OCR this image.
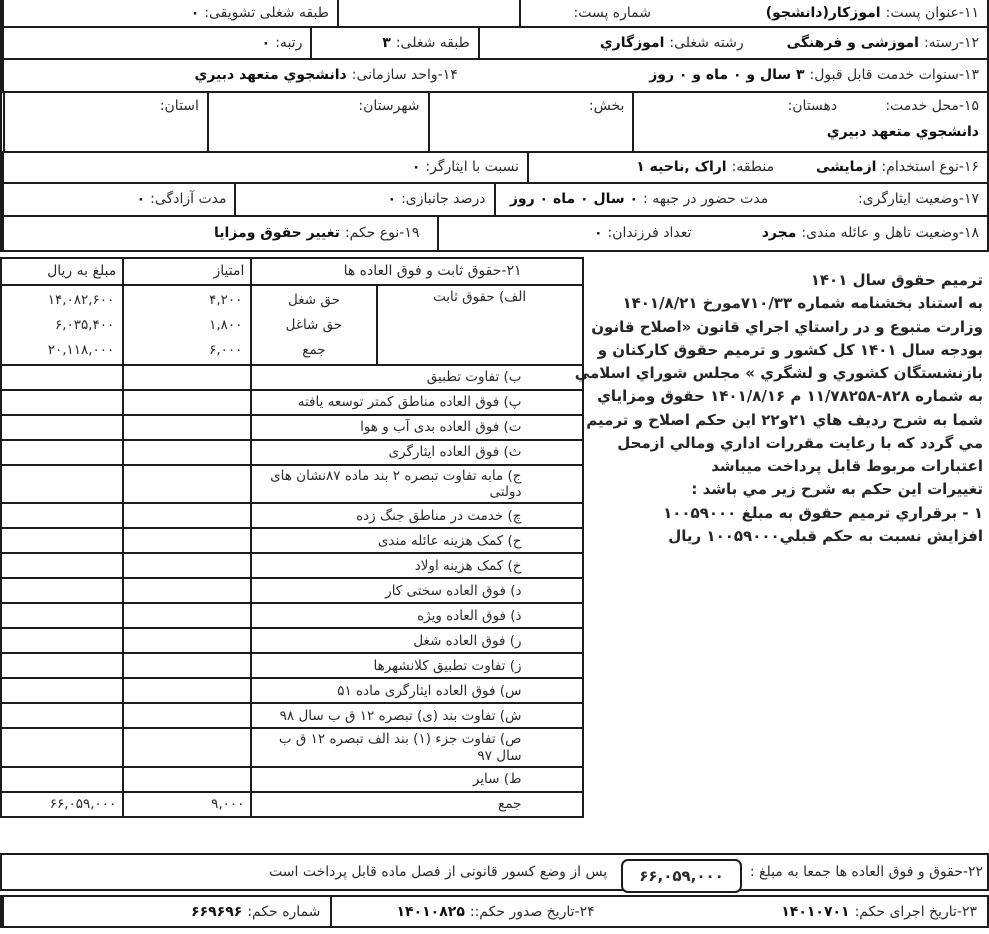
۱۱-عنوان پست:اموزکار(دانشجو)
شماره پست:
طبقه شغلی تشویقی:۰
۱۲-رسته:اموزشی و فرهنگی
رشته شغلی:اموزگاري
طبقه شغلی:۳
رتبه:۰
۱۳-سنوات خدمت قابل قبول:۳ سال و ۰ ماه و ۰ روز
۱۴-واحد سازمانی:دانشجوي متعهد دبيري
۱۵-محل خدمت:
دانشجوي متعهد دبيري
دهستان:
بخش:
شهرستان:
استان:
۱۶-نوع استخدام:ازمایشی
منطقه:اراک ,ناحیه ۱
نسبت با ایثارگر:۰
۱۷-وضعیت ایثارگری:
مدت حضور در جبهه :۰ سال ۰ ماه ۰ روز
درصد جانبازی:۰
مدت آزادگی:۰
۱۸-وضعیت تاهل و عائله مندی:مجرد
تعداد فرزندان:۰
۱۹-نوع حکم:تغییر حقوق ومزایا
ترمیم حقوق سال ۱۴۰۱
به استناد بخشنامه شماره ۷۱۰/۳۳مورخ ۱۴۰۱/۸/۲۱
وزارت متبوع و در راستاي اجراي قانون «اصلاح قانون
بودجه سال ۱۴۰۱ کل کشور و ترمیم حقوق کارکنان و
بازنشستگان کشوري و لشگري » مجلس شوراي اسلامي
به شماره ۸۲۸-۱۱/۷۸۲۵۸ م ۱۴۰۱/۸/۱۶ حقوق ومزایاي
شما به شرح ردیف هاي ۲۱و۲۲ این حکم اصلاح و ترمیم
مي گردد که با رعایت مقررات اداري ومالي ازمحل
اعتبارات مربوط قابل پرداخت میباشد
تغییرات این حکم به شرح زیر مي باشد :
۱ - برقراري ترمیم حقوق به مبلغ ۱۰۰۵۹۰۰۰
افزایش نسبت به حکم قبلي۱۰۰۵۹۰۰۰ ریال
۲۱-حقوق ثابت و فوق العاده ها
امتیاز
مبلغ به ریال
الف) حقوق ثابت
حق شغل
حق شاغل
جمع
۴,۲۰۰
۱,۸۰۰
۶,۰۰۰
۱۴,۰۸۲,۶۰۰
۶,۰۳۵,۴۰۰
۲۰,۱۱۸,۰۰۰
ب) تفاوت تطبیق
پ) فوق العاده مناطق کمتر توسعه یافته
ت) فوق العاده بدی آب و هوا
ث) فوق العاده ایثارگری
ج) مابه تفاوت تبصره ۲ بند ماده ۸۷نشان های دولتی
چ) خدمت در مناطق جنگ زده
ح) کمک هزینه عائله مندی
خ) کمک هزینه اولاد
د) فوق العاده سختی کار
ذ) فوق العاده ویژه
ر) فوق العاده شغل
ز) تفاوت تطبیق کلانشهرها
س) فوق العاده ایثارگری ماده ۵۱
ش) تفاوت بند (ی) تبصره ۱۲ ق ب سال ۹۸
ص) تفاوت جزء (۱) بند الف تبصره ۱۲ ق ب سال ۹۷
ط) سایر
جمع
۹,۰۰۰
۶۶,۰۵۹,۰۰۰
۲۲-حقوق و فوق العاده ها جمعا به مبلغ :
۶۶,۰۵۹,۰۰۰
پس از وضع کسور قانونی از فصل ماده قابل پرداخت است
۲۳-تاریخ اجرای حکم:
۱۴۰۱۰۷۰۱
۲۴-تاریخ صدور حکم::
۱۴۰۱۰۸۲۵
شماره حکم:
۶۶۹۶۹۶
